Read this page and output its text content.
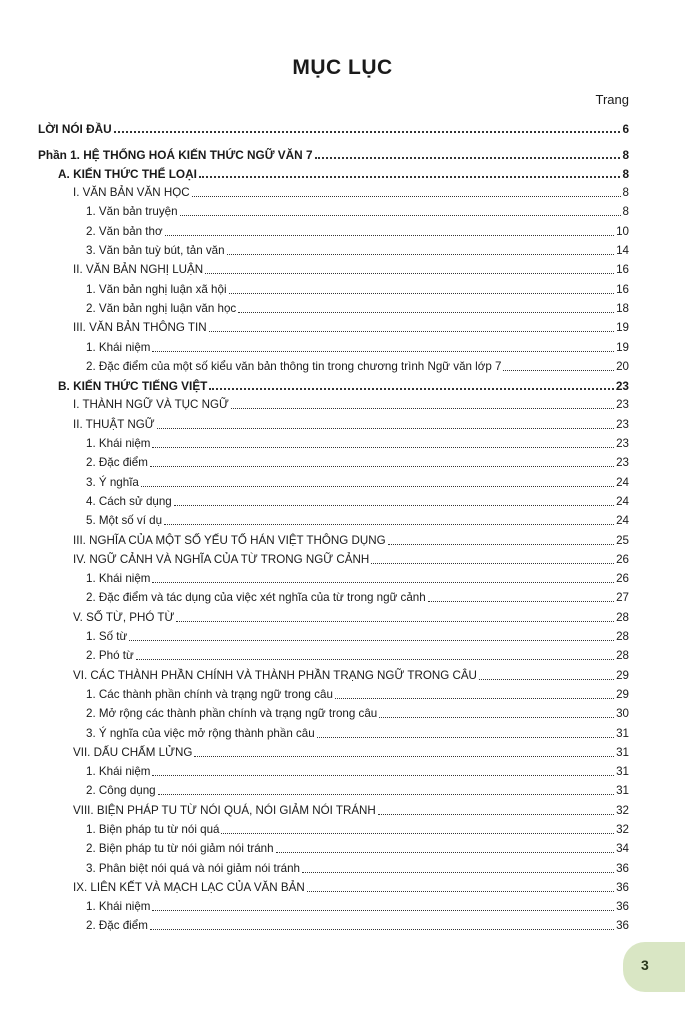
MỤC LỤC
Trang
LỜI NÓI ĐẦU	6
Phần 1. HỆ THỐNG HOÁ KIẾN THỨC NGỮ VĂN 7	8
A. KIẾN THỨC THỂ LOẠI	8
I. VĂN BẢN VĂN HỌC	8
1. Văn bản truyện	8
2. Văn bản thơ	10
3. Văn bản tuỳ bút, tản văn	14
II. VĂN BẢN NGHỊ LUẬN	16
1. Văn bản nghị luận xã hội	16
2. Văn bản nghị luận văn học	18
III. VĂN BẢN THÔNG TIN	19
1. Khái niệm	19
2. Đặc điểm của một số kiểu văn bản thông tin trong chương trình Ngữ văn lớp 7	20
B. KIẾN THỨC TIẾNG VIỆT	23
I. THÀNH NGỮ VÀ TỤC NGỮ	23
II. THUẬT NGỮ	23
1. Khái niệm	23
2. Đặc điểm	23
3. Ý nghĩa	24
4. Cách sử dụng	24
5. Một số ví dụ	24
III. NGHĨA CỦA MỘT SỐ YẾU TỐ HÁN VIỆT THÔNG DỤNG	25
IV. NGỮ CẢNH VÀ NGHĨA CỦA TỪ TRONG NGỮ CẢNH	26
1. Khái niệm	26
2. Đặc điểm và tác dụng của việc xét nghĩa của từ trong ngữ cảnh	27
V. SỐ TỪ, PHÓ TỪ	28
1. Số từ	28
2. Phó từ	28
VI. CÁC THÀNH PHẦN CHÍNH VÀ THÀNH PHẦN TRẠNG NGỮ TRONG CÂU	29
1. Các thành phần chính và trạng ngữ trong câu	29
2. Mở rộng các thành phần chính và trạng ngữ trong câu	30
3. Ý nghĩa của việc mở rộng thành phần câu	31
VII. DẤU CHẤM LỬNG	31
1. Khái niệm	31
2. Công dụng	31
VIII. BIỆN PHÁP TU TỪ NÓI QUÁ, NÓI GIẢM NÓI TRÁNH	32
1. Biện pháp tu từ nói quá	32
2. Biện pháp tu từ nói giảm nói tránh	34
3. Phân biệt nói quá và nói giảm nói tránh	36
IX. LIÊN KẾT VÀ MẠCH LẠC CỦA VĂN BẢN	36
1. Khái niệm	36
2. Đặc điểm	36
3
